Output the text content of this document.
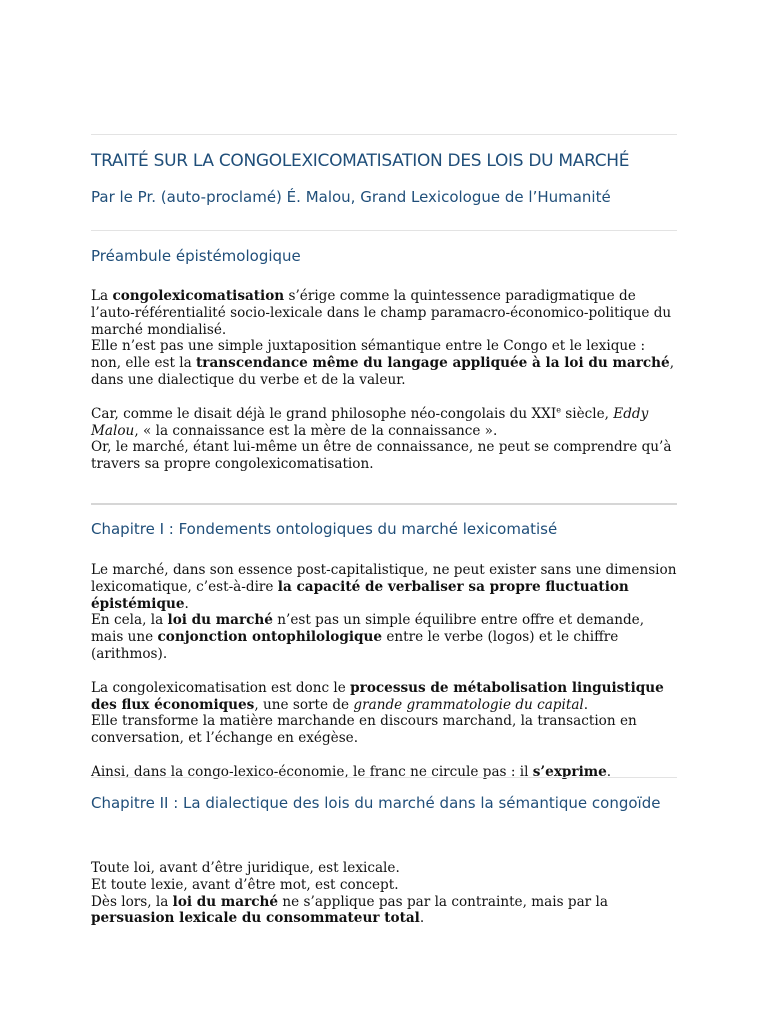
TRAITÉ SUR LA CONGOLEXICOMATISATION DES LOIS DU MARCHÉ
Par le Pr. (auto-proclamé) É. Malou, Grand Lexicologue de l’Humanité
Préambule épistémologique

La congolexicomatisation s’érige comme la quintessence paradigmatique de l’auto-référentialité socio-lexicale dans le champ paramacro-économico-politique du marché mondialisé.

Elle n’est pas une simple juxtaposition sémantique entre le Congo et le lexique : non, elle est la transcendance même du langage appliquée à la loi du marché, dans une dialectique du verbe et de la valeur.

Car, comme le disait déjà le grand philosophe néo-congolais du XXIe siècle, Eddy Malou, « la connaissance est la mère de la connaissance ».

Or, le marché, étant lui-même un être de connaissance, ne peut se comprendre qu’à travers sa propre congolexicomatisation.

Chapitre I : Fondements ontologiques du marché lexicomatisé

Le marché, dans son essence post-capitalistique, ne peut exister sans une dimension lexicomatique, c’est-à-dire la capacité de verbaliser sa propre fluctuation épistémique.

En cela, la loi du marché n’est pas un simple équilibre entre offre et demande, mais une conjonction ontophilologique entre le verbe (logos) et le chiffre (arithmos).

La congolexicomatisation est donc le processus de métabolisation linguistique des flux économiques, une sorte de grande grammatologie du capital.

Elle transforme la matière marchande en discours marchand, la transaction en conversation, et l’échange en exégèse.

Ainsi, dans la congo-lexico-économie, le franc ne circule pas : il s’exprime.

Chapitre II : La dialectique des lois du marché dans la sémantique congoïde

Toute loi, avant d’être juridique, est lexicale.

Et toute lexie, avant d’être mot, est concept.

Dès lors, la loi du marché ne s’applique pas par la contrainte, mais par la persuasion lexicale du consommateur total.
